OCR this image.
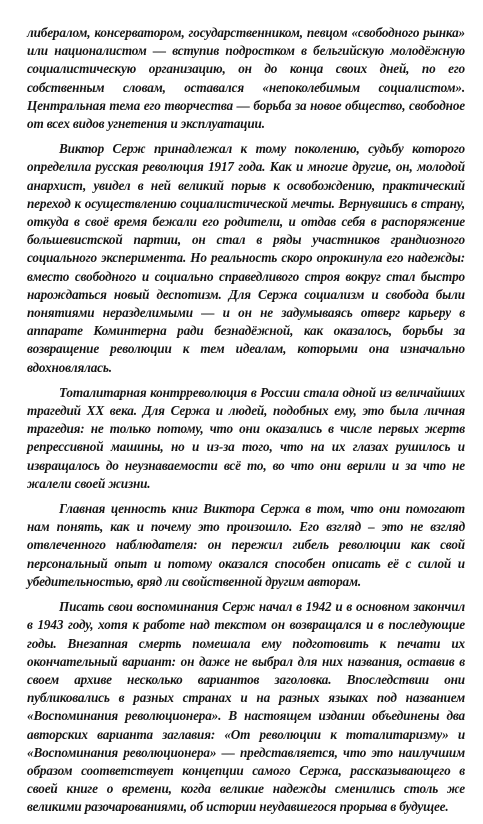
либералом, консерватором, государственником, певцом «свободного рынка» или националистом — вступив подростком в бельгийскую молодёжную социалистическую организацию, он до конца своих дней, по его собственным словам, оставался «непоколебимым социалистом». Центральная тема его творчества — борьба за новое общество, свободное от всех видов угнетения и эксплуатации.

Виктор Серж принадлежал к тому поколению, судьбу которого определила русская революция 1917 года. Как и многие другие, он, молодой анархист, увидел в ней великий порыв к освобождению, практический переход к осуществлению социалистической мечты. Вернувшись в страну, откуда в своё время бежали его родители, и отдав себя в распоряжение большевистской партии, он стал в ряды участников грандиозного социального эксперимента. Но реальность скоро опрокинула его надежды: вместо свободного и социально справедливого строя вокруг стал быстро нарождаться новый деспотизм. Для Сержа социализм и свобода были понятиями неразделимыми — и он не задумываясь отверг карьеру в аппарате Коминтерна ради безнадёжной, как оказалось, борьбы за возвращение революции к тем идеалам, которыми она изначально вдохновлялась.

Тоталитарная контрреволюция в России стала одной из величайших трагедий XX века. Для Сержа и людей, подобных ему, это была личная трагедия: не только потому, что они оказались в числе первых жертв репрессивной машины, но и из-за того, что на их глазах рушилось и извращалось до неузнаваемости всё то, во что они верили и за что не жалели своей жизни.

Главная ценность книг Виктора Сержа в том, что они помогают нам понять, как и почему это произошло. Его взгляд – это не взгляд отвлеченного наблюдателя: он пережил гибель революции как свой персональный опыт и потому оказался способен описать её с силой и убедительностью, вряд ли свойственной другим авторам.

Писать свои воспоминания Серж начал в 1942 и в основном закончил в 1943 году, хотя к работе над текстом он возвращался и в последующие годы. Внезапная смерть помешала ему подготовить к печати их окончательный вариант: он даже не выбрал для них названия, оставив в своем архиве несколько вариантов заголовка. Впоследствии они публиковались в разных странах и на разных языках под названием «Воспоминания революционера». В настоящем издании объединены два авторских варианта заглавия: «От революции к тоталитаризму» и «Воспоминания революционера» — представляется, что это наилучшим образом соответствует концепции самого Сержа, рассказывающего в своей книге о времени, когда великие надежды сменились столь же великими разочарованиями, об истории неудавшегося прорыва в будущее.
